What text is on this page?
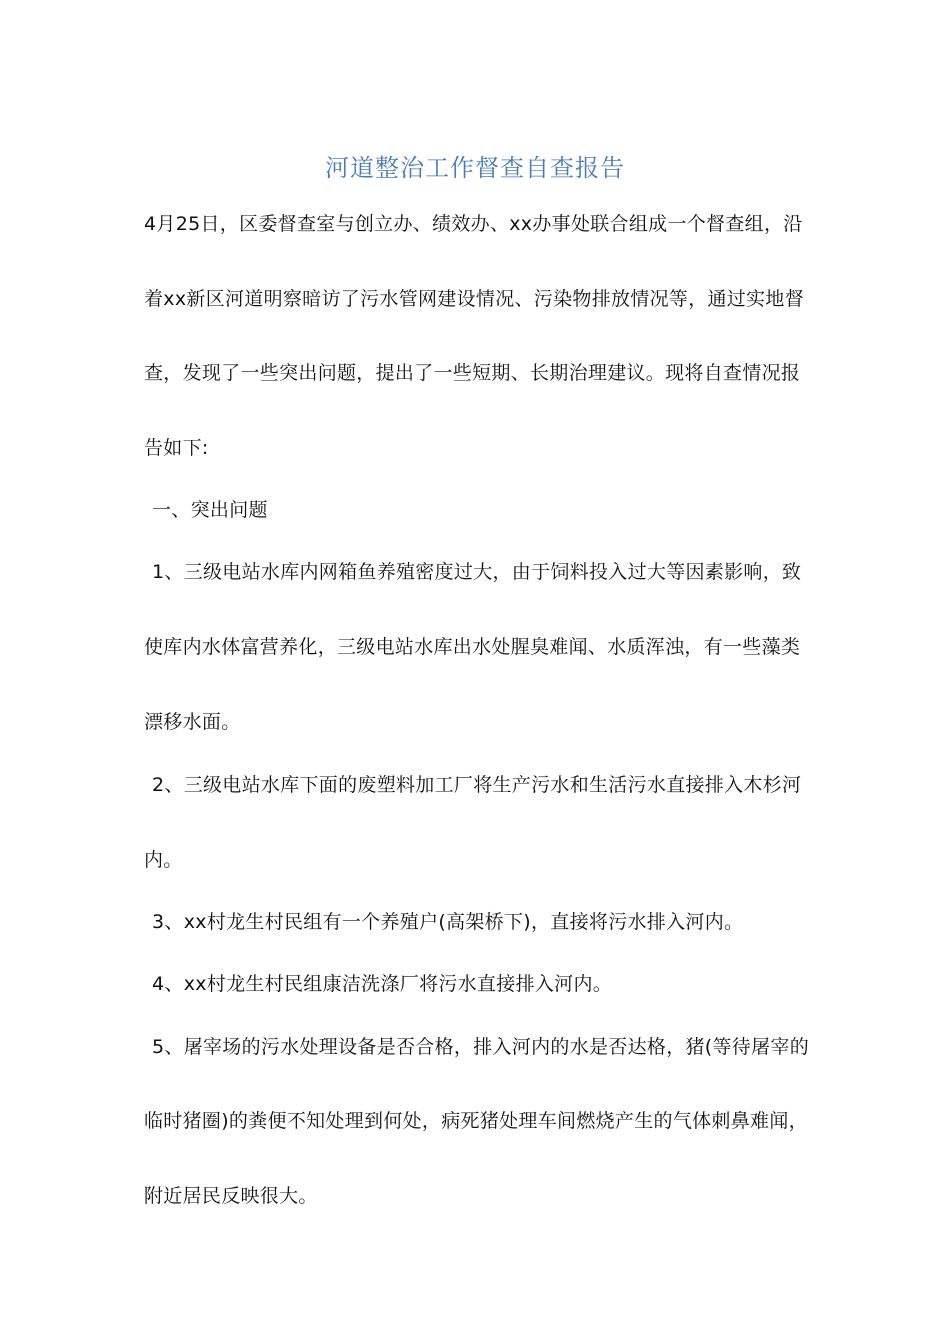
河道整治工作督查自查报告
4月25日，区委督查室与创立办、绩效办、xx办事处联合组成一个督查组，沿
着xx新区河道明察暗访了污水管网建设情况、污染物排放情况等，通过实地督
查，发现了一些突出问题，提出了一些短期、长期治理建议。现将自查情况报
告如下:
一、突出问题
1、三级电站水库内网箱鱼养殖密度过大，由于饲料投入过大等因素影响，致
使库内水体富营养化，三级电站水库出水处腥臭难闻、水质浑浊，有一些藻类
漂移水面。
2、三级电站水库下面的废塑料加工厂将生产污水和生活污水直接排入木杉河
内。
3、xx村龙生村民组有一个养殖户(高架桥下)，直接将污水排入河内。
4、xx村龙生村民组康洁洗涤厂将污水直接排入河内。
5、屠宰场的污水处理设备是否合格，排入河内的水是否达格，猪(等待屠宰的
临时猪圈)的粪便不知处理到何处，病死猪处理车间燃烧产生的气体刺鼻难闻，
附近居民反映很大。
